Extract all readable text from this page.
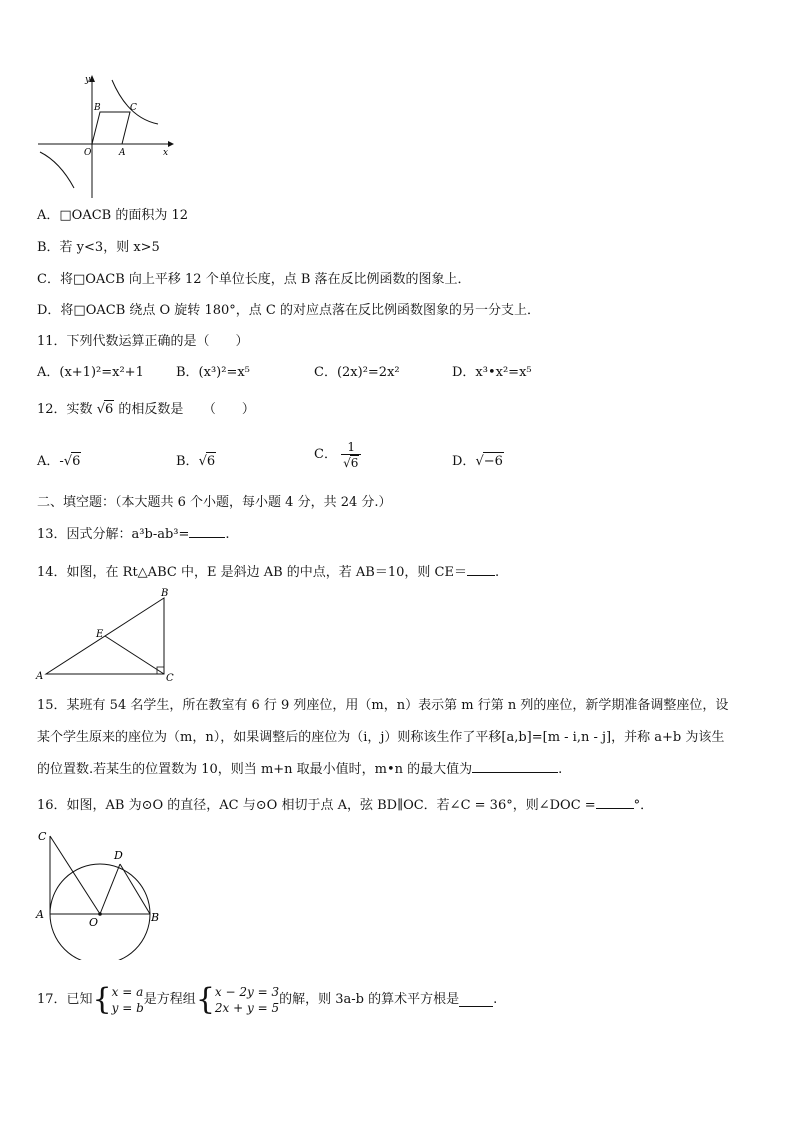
y
x
O	A
B	C
A．□OACB 的面积为 12
B．若 y<3，则 x>5
C．将□OACB 向上平移 12 个单位长度，点 B 落在反比例函数的图象上．
D．将□OACB 绕点 O 旋转 180°，点 C 的对应点落在反比例函数图象的另一分支上．
11．下列代数运算正确的是（　　）
A．(x+1)²=x²+1 B．(x³)²=x⁵	C．(2x)²=2x²	D．x³•x²=x⁵
12．实数 √6 的相反数是　　（　　）
A．-√6	B．√6	C． $\frac{1}{√6}$	D．√−6
二、填空题：（本大题共 6 个小题，每小题 4 分，共 24 分.）
13．因式分解：a³b-ab³=	.
14．如图，在 Rt△ABC 中，E 是斜边 AB 的中点，若 AB＝10，则 CE＝ .
A
B
C
E
15．某班有 54 名学生，所在教室有 6 行 9 列座位，用（m，n）表示第 m 行第 n 列的座位，新学期准备调整座位，设
某个学生原来的座位为（m，n），如果调整后的座位为（i，j）则称该生作了平移[a,b]=[m - i,n - j]，并称 a+b 为该生
的位置数.若某生的位置数为 10，则当 m+n 取最小值时，m•n 的最大值为	.
16．如图，AB 为⊙O 的直径，AC 与⊙O 相切于点 A，弦 BD∥OC．若∠C = 36°，则∠DOC =	°．
C
D
A
O	B
17．已知{x = a
y = b是方程组{x − 2y = 3
2x + y = 5的解，则 3a-b 的算术平方根是	.
